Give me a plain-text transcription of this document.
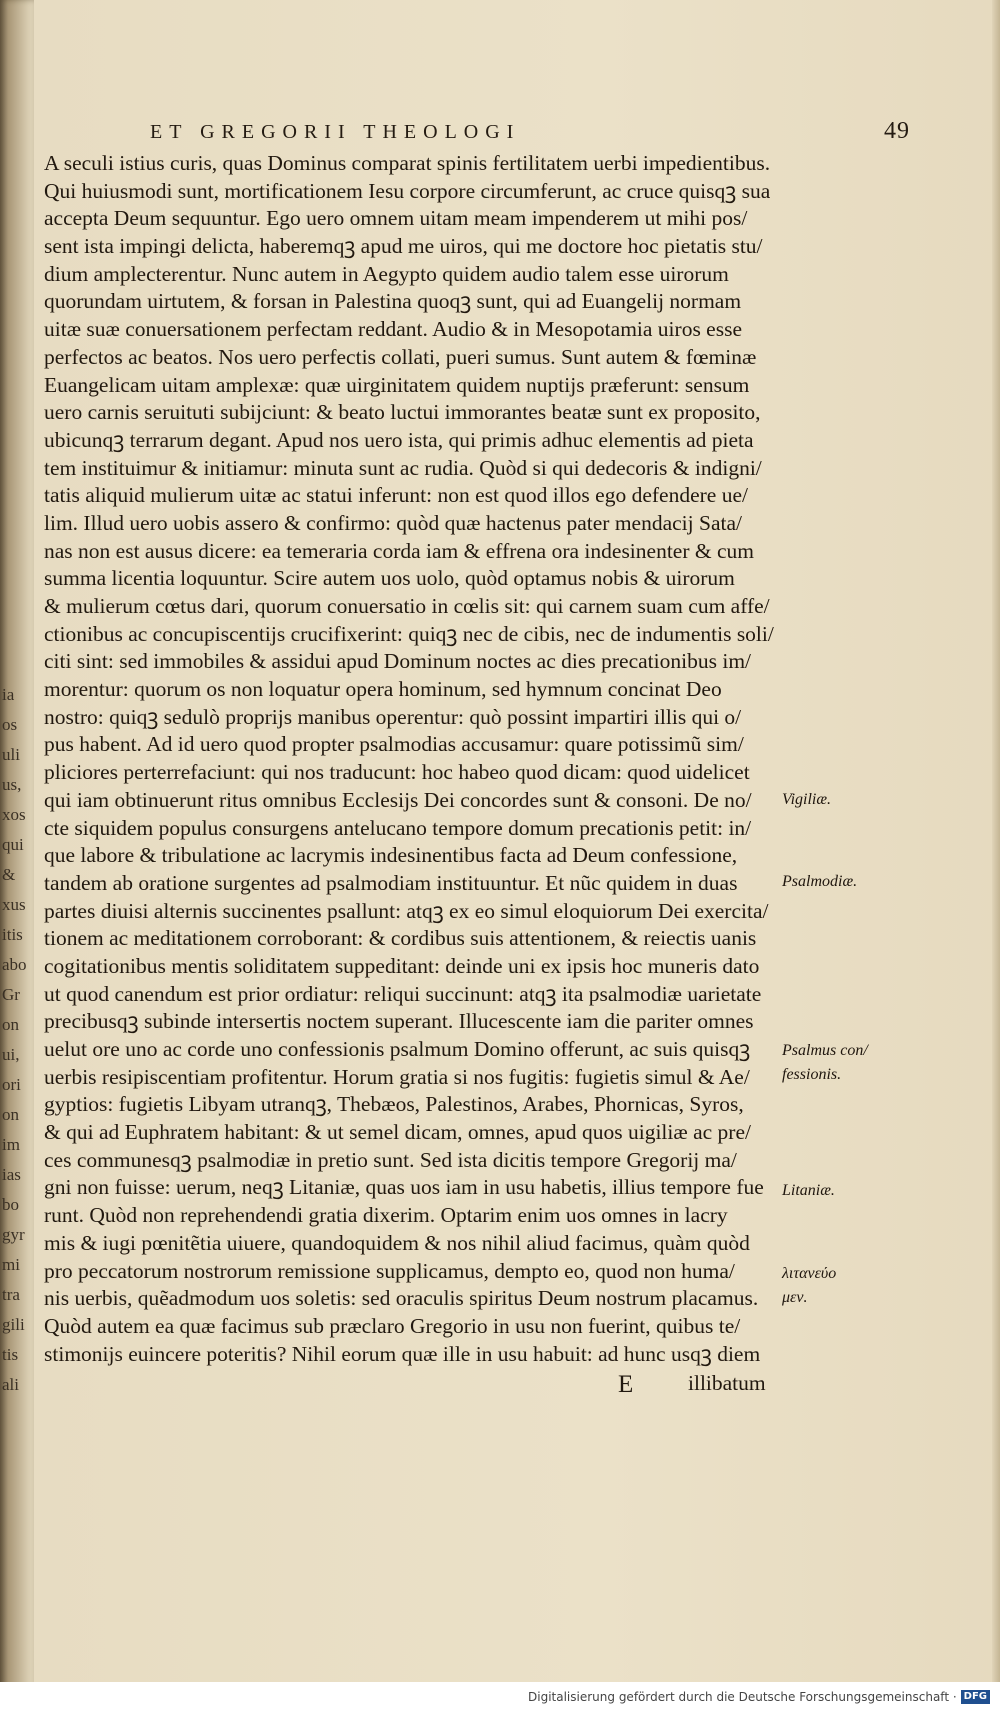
ia
os
uli
us,
xos
qui
&
xus
itis
abo
Gr
on
ui,
ori
on
im
ias
bo
gyr
mi
tra
gili
tis
ali
ET GREGORII THEOLOGI	49
A seculi istius curis, quas Dominus comparat spinis fertilitatem uerbi impedientibus.
Qui huiusmodi sunt, mortificationem Iesu corpore circumferunt, ac cruce quisqꝫ sua
accepta Deum sequuntur. Ego uero omnem uitam meam impenderem ut mihi pos/
sent ista impingi delicta, haberemqꝫ apud me uiros, qui me doctore hoc pietatis stu/
dium amplecterentur. Nunc autem in Aegypto quidem audio talem esse uirorum
quorundam uirtutem, & forsan in Palestina quoqꝫ sunt, qui ad Euangelij normam
uitæ suæ conuersationem perfectam reddant. Audio & in Mesopotamia uiros esse
perfectos ac beatos. Nos uero perfectis collati, pueri sumus. Sunt autem & fœminæ
Euangelicam uitam amplexæ: quæ uirginitatem quidem nuptijs præferunt: sensum
uero carnis seruituti subijciunt: & beato luctui immorantes beatæ sunt ex proposito,
ubicunqꝫ terrarum degant. Apud nos uero ista, qui primis adhuc elementis ad pieta
tem instituimur & initiamur: minuta sunt ac rudia. Quòd si qui dedecoris & indigni/
tatis aliquid mulierum uitæ ac statui inferunt: non est quod illos ego defendere ue/
lim. Illud uero uobis assero & confirmo: quòd quæ hactenus pater mendacij Sata/
nas non est ausus dicere: ea temeraria corda iam & effrena ora indesinenter & cum
summa licentia loquuntur. Scire autem uos uolo, quòd optamus nobis & uirorum
& mulierum cœtus dari, quorum conuersatio in cœlis sit: qui carnem suam cum affe/
ctionibus ac concupiscentijs crucifixerint: quiqꝫ nec de cibis, nec de indumentis soli/
citi sint: sed immobiles & assidui apud Dominum noctes ac dies precationibus im/
morentur: quorum os non loquatur opera hominum, sed hymnum concinat Deo
nostro: quiqꝫ sedulò proprijs manibus operentur: quò possint impartiri illis qui o/
pus habent. Ad id uero quod propter psalmodias accusamur: quare potissimũ sim/
pliciores perterrefaciunt: qui nos traducunt: hoc habeo quod dicam: quod uidelicet
qui iam obtinuerunt ritus omnibus Ecclesijs Dei concordes sunt & consoni. De no/
cte siquidem populus consurgens antelucano tempore domum precationis petit: in/
que labore & tribulatione ac lacrymis indesinentibus facta ad Deum confessione,
tandem ab oratione surgentes ad psalmodiam instituuntur. Et nũc quidem in duas
partes diuisi alternis succinentes psallunt: atqꝫ ex eo simul eloquiorum Dei exercita/
tionem ac meditationem corroborant: & cordibus suis attentionem, & reiectis uanis
cogitationibus mentis soliditatem suppeditant: deinde uni ex ipsis hoc muneris dato
ut quod canendum est prior ordiatur: reliqui succinunt: atqꝫ ita psalmodiæ uarietate
precibusqꝫ subinde intersertis noctem superant. Illucescente iam die pariter omnes
uelut ore uno ac corde uno confessionis psalmum Domino offerunt, ac suis quisqꝫ
uerbis resipiscentiam profitentur. Horum gratia si nos fugitis: fugietis simul & Ae/
gyptios: fugietis Libyam utranqꝫ, Thebæos, Palestinos, Arabes, Phornicas, Syros,
& qui ad Euphratem habitant: & ut semel dicam, omnes, apud quos uigiliæ ac pre/
ces communesqꝫ psalmodiæ in pretio sunt. Sed ista dicitis tempore Gregorij ma/
gni non fuisse: uerum, neqꝫ Litaniæ, quas uos iam in usu habetis, illius tempore fue
runt. Quòd non reprehendendi gratia dixerim. Optarim enim uos omnes in lacry
mis & iugi pœnitẽtia uiuere, quandoquidem & nos nihil aliud facimus, quàm quòd
pro peccatorum nostrorum remissione supplicamus, dempto eo, quod non huma/
nis uerbis, quẽadmodum uos soletis: sed oraculis spiritus Deum nostrum placamus.
Quòd autem ea quæ facimus sub præclaro Gregorio in usu non fuerint, quibus te/
stimonijs euincere poteritis? Nihil eorum quæ ille in usu habuit: ad hunc usqꝫ diem
Vigiliæ.
Psalmodiæ.
Psalmus con/
fessionis.
Litaniæ.
λιτανεύο
μεν.
E	illibatum
Digitalisierung gefördert durch die Deutsche Forschungsgemeinschaft · DFG
